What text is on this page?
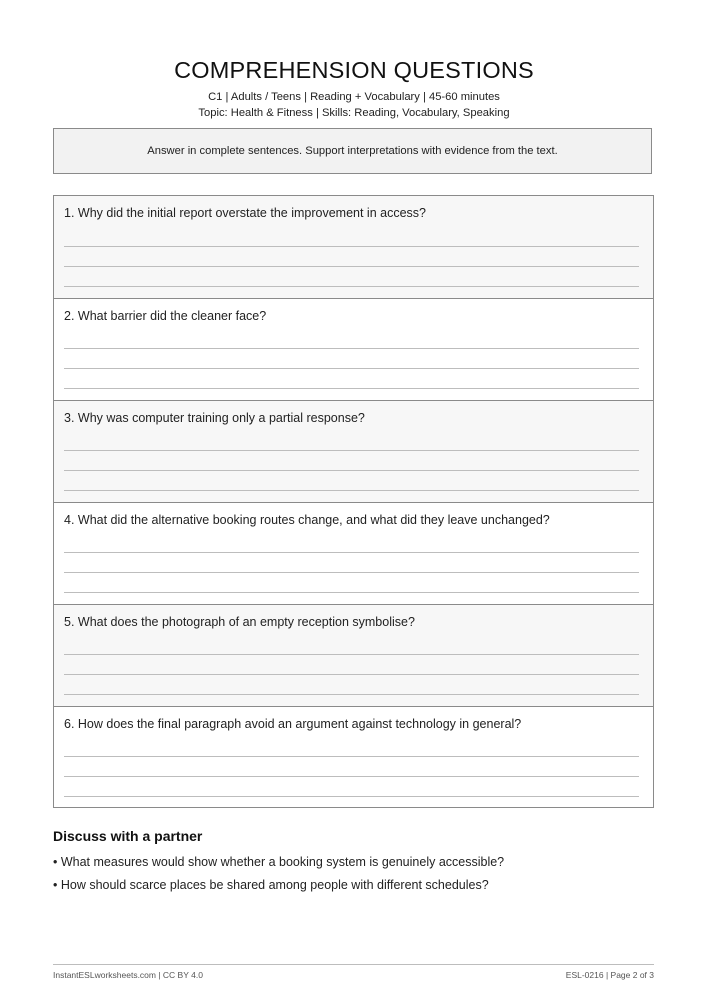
COMPREHENSION QUESTIONS
C1 | Adults / Teens | Reading + Vocabulary | 45-60 minutes
Topic: Health & Fitness | Skills: Reading, Vocabulary, Speaking
Answer in complete sentences. Support interpretations with evidence from the text.
1. Why did the initial report overstate the improvement in access?
2. What barrier did the cleaner face?
3. Why was computer training only a partial response?
4. What did the alternative booking routes change, and what did they leave unchanged?
5. What does the photograph of an empty reception symbolise?
6. How does the final paragraph avoid an argument against technology in general?
Discuss with a partner
• What measures would show whether a booking system is genuinely accessible?
• How should scarce places be shared among people with different schedules?
InstantESLworksheets.com | CC BY 4.0	ESL-0216 | Page 2 of 3
